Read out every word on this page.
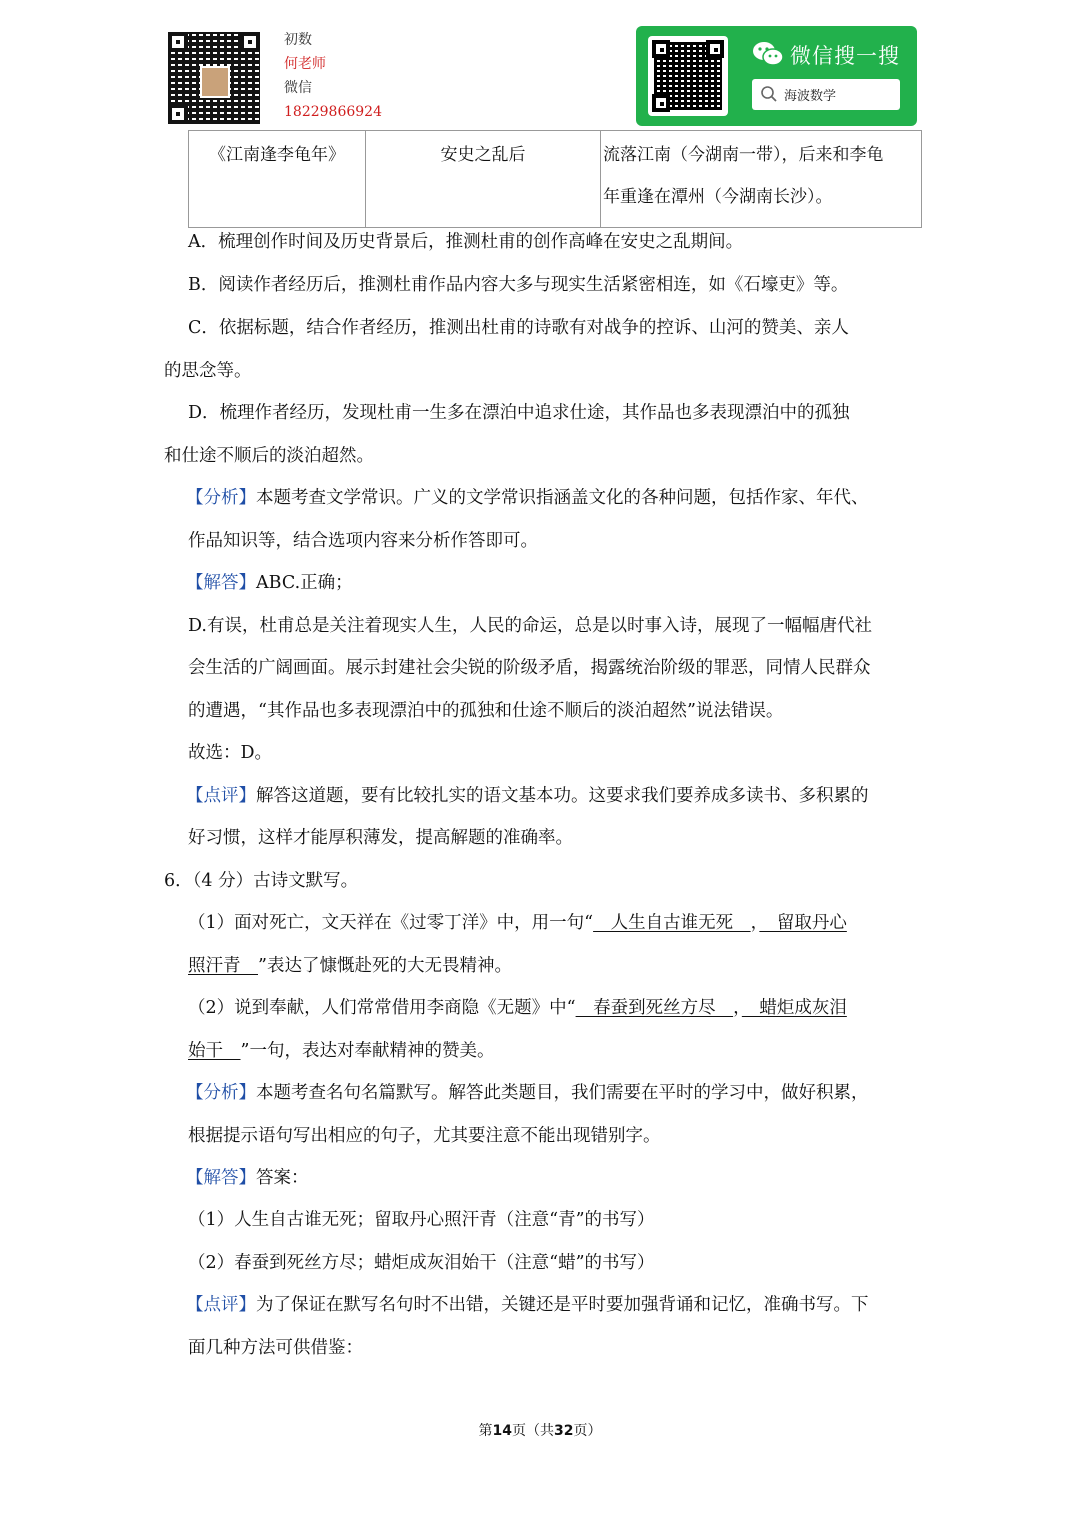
初数
何老师
微信
18229866924
微信搜一搜
海波数学
《江南逢李龟年》	安史之乱后	流落江南（今湖南一带），后来和李龟
年重逢在潭州（今湖南长沙）。
A．梳理创作时间及历史背景后，推测杜甫的创作高峰在安史之乱期间。
B．阅读作者经历后，推测杜甫作品内容大多与现实生活紧密相连，如《石壕吏》等。
C．依据标题，结合作者经历，推测出杜甫的诗歌有对战争的控诉、山河的赞美、亲人
的思念等。
D．梳理作者经历，发现杜甫一生多在漂泊中追求仕途，其作品也多表现漂泊中的孤独
和仕途不顺后的淡泊超然。
【分析】本题考查文学常识。广义的文学常识指涵盖文化的各种问题，包括作家、年代、
作品知识等，结合选项内容来分析作答即可。
【解答】ABC.正确；
D.有误，杜甫总是关注着现实人生，人民的命运，总是以时事入诗，展现了一幅幅唐代社
会生活的广阔画面。展示封建社会尖锐的阶级矛盾，揭露统治阶级的罪恶，同情人民群众
的遭遇，“其作品也多表现漂泊中的孤独和仕途不顺后的淡泊超然”说法错误。
故选：D。
【点评】解答这道题，要有比较扎实的语文基本功。这要求我们要养成多读书、多积累的
好习惯，这样才能厚积薄发，提高解题的准确率。
6．（4 分）古诗文默写。
（1）面对死亡，文天祥在《过零丁洋》中，用一句“　人生自古谁无死　，　留取丹心
照汗青　”表达了慷慨赴死的大无畏精神。
（2）说到奉献，人们常常借用李商隐《无题》中“　春蚕到死丝方尽　，　蜡炬成灰泪
始干　”一句，表达对奉献精神的赞美。
【分析】本题考查名句名篇默写。解答此类题目，我们需要在平时的学习中，做好积累，
根据提示语句写出相应的句子，尤其要注意不能出现错别字。
【解答】答案：
（1）人生自古谁无死；留取丹心照汗青（注意“青”的书写）
（2）春蚕到死丝方尽；蜡炬成灰泪始干（注意“蜡”的书写）
【点评】为了保证在默写名句时不出错，关键还是平时要加强背诵和记忆，准确书写。下
面几种方法可供借鉴：
第14页（共32页）
